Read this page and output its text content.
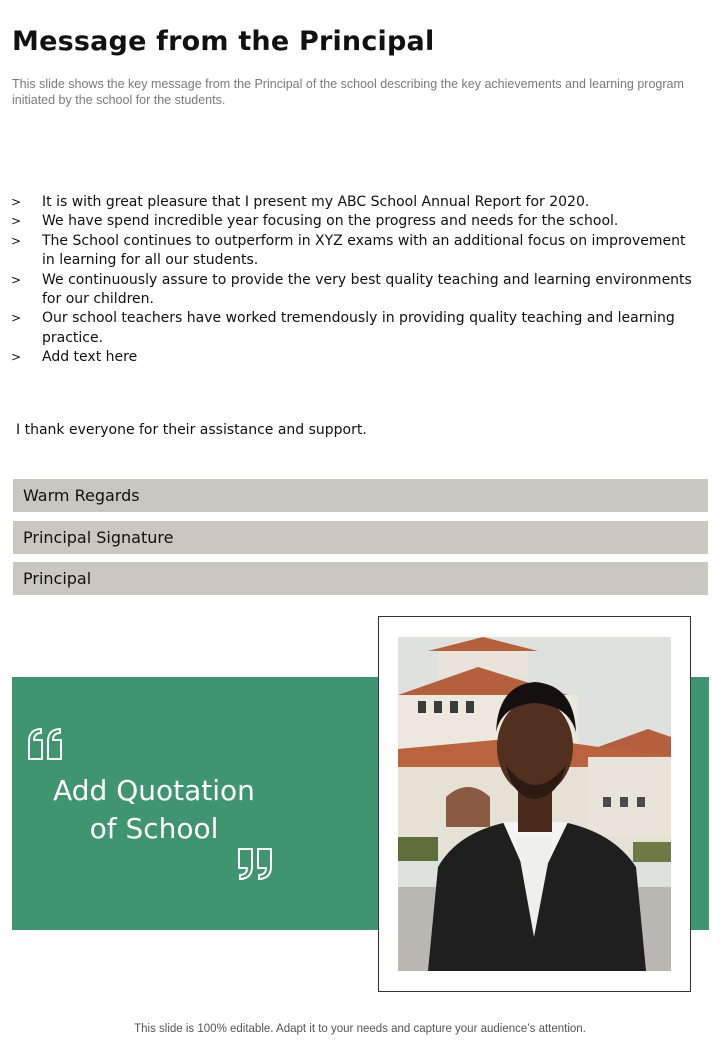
Message from the Principal

This slide shows the key message from the Principal of the school describing the key achievements and learning program initiated by the school for the students.

> It is with great pleasure that I present my ABC School Annual Report for 2020.
> We have spend incredible year focusing on the progress and needs for the school.
> The School continues to outperform in XYZ exams with an additional focus on improvement in learning for all our students.
> We continuously assure to provide the very best quality teaching and learning environments for our children.
> Our school teachers have worked tremendously in providing quality teaching and learning practice.
> Add text here

I thank everyone for their assistance and support.

Warm Regards
Principal Signature
Principal
Add Quotation
of School

This slide is 100% editable. Adapt it to your needs and capture your audience’s attention.
